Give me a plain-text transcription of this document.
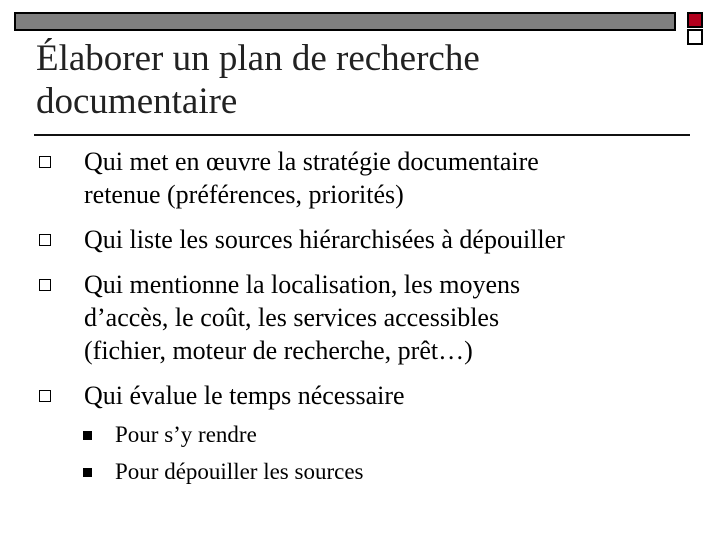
Élaborer un plan de recherche
documentaire
Qui met en œuvre la stratégie documentaire
retenue (préférences, priorités)
Qui liste les sources hiérarchisées à dépouiller
Qui mentionne la localisation, les moyens
d’accès, le coût, les services accessibles
(fichier, moteur de recherche, prêt…)
Qui évalue le temps nécessaire
Pour s’y rendre
Pour dépouiller les sources
